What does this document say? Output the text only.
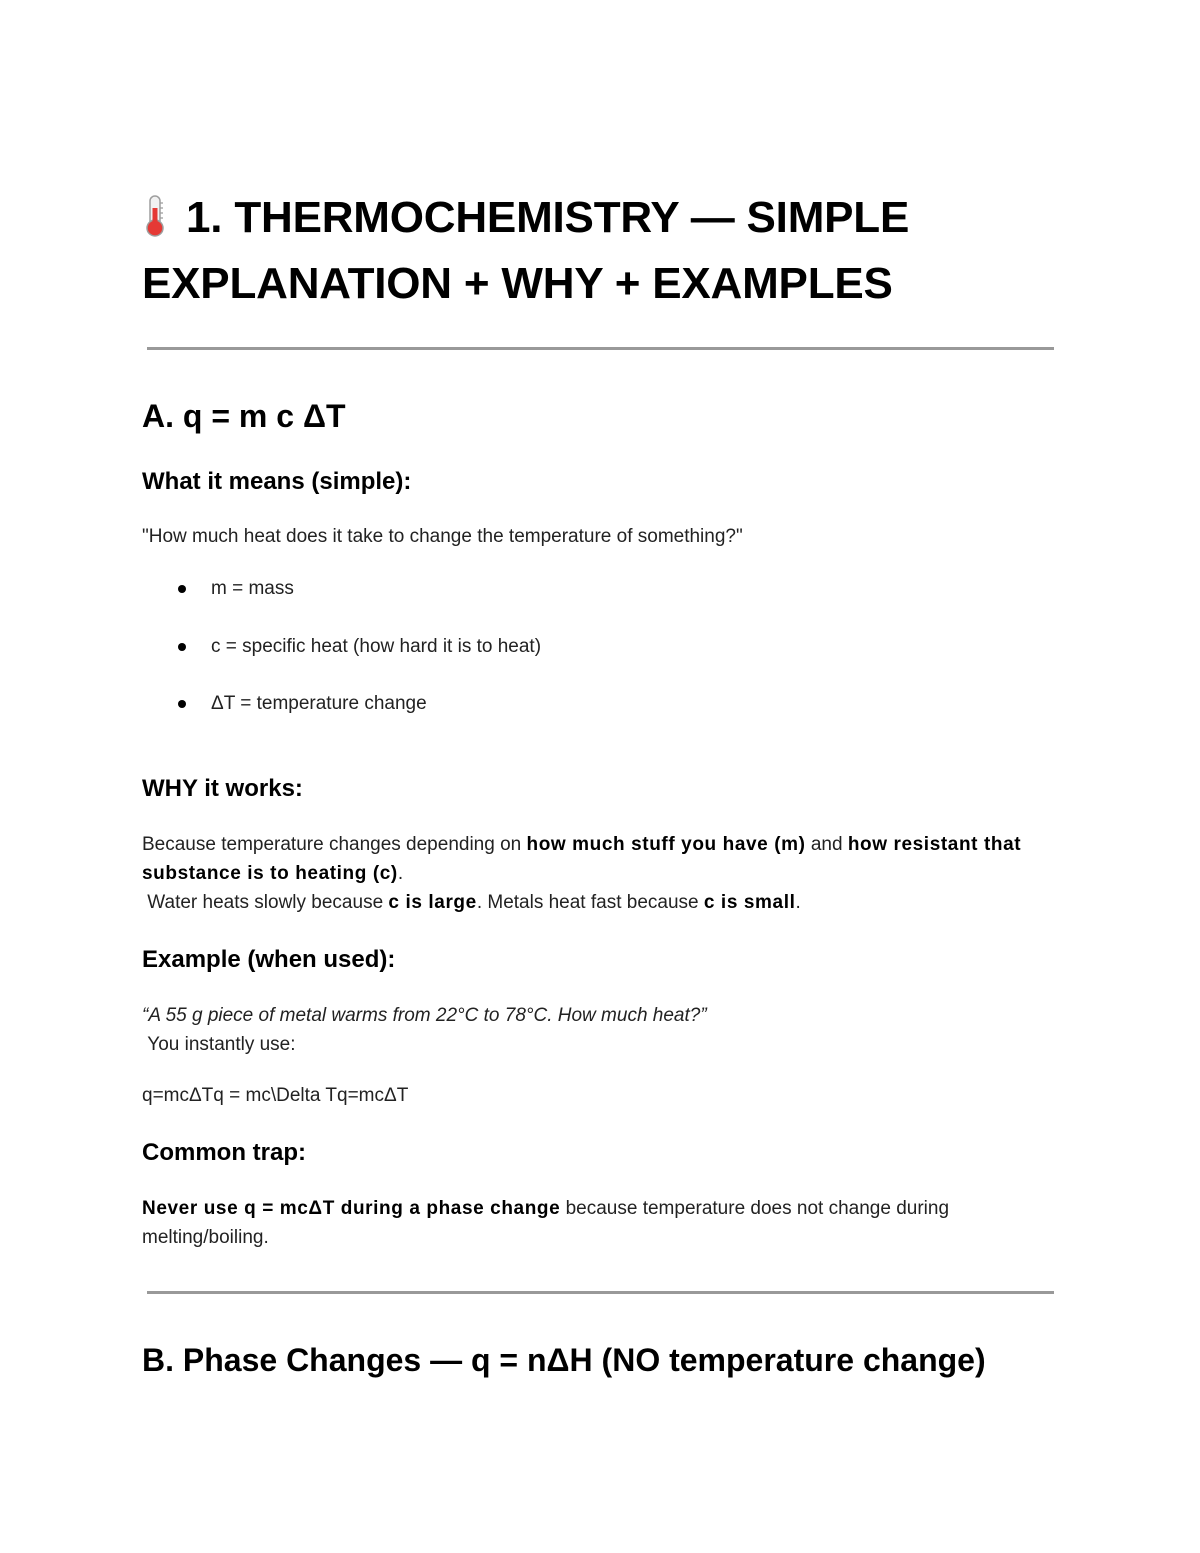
1. THERMOCHEMISTRY — SIMPLE EXPLANATION + WHY + EXAMPLES
A. q = m c ΔT
What it means (simple):
"How much heat does it take to change the temperature of something?"
m = mass
c = specific heat (how hard it is to heat)
ΔT = temperature change
WHY it works:
Because temperature changes depending on how much stuff you have (m) and how resistant that substance is to heating (c).
Water heats slowly because c is large. Metals heat fast because c is small.
Example (when used):
“A 55 g piece of metal warms from 22°C to 78°C. How much heat?”
You instantly use:
q=mcΔTq = mc\Delta Tq=mcΔT
Common trap:
Never use q = mcΔT during a phase change because temperature does not change during melting/boiling.
B. Phase Changes — q = nΔH (NO temperature change)
